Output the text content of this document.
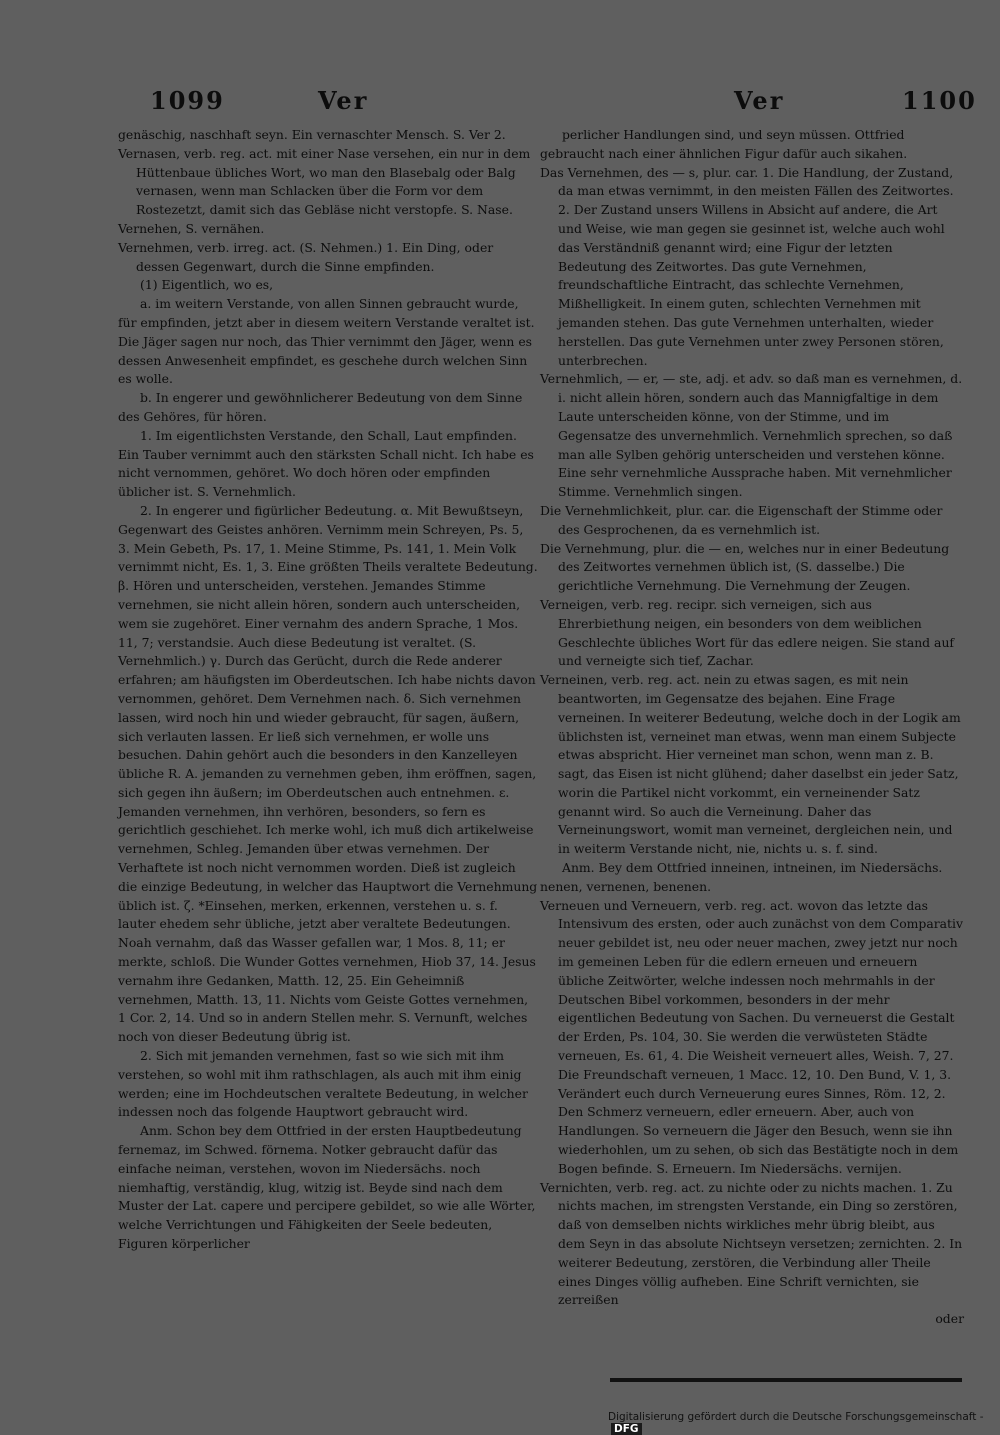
1099	Ver	Ver	1100

genäschig, naschhaft seyn. Ein vernaschter Mensch. S. Ver 2.

Vernasen, verb. reg. act. mit einer Nase versehen, ein nur in dem Hüttenbaue übliches Wort, wo man den Blasebalg oder Balg vernasen, wenn man Schlacken über die Form vor dem Rostezetzt, damit sich das Gebläse nicht verstopfe. S. Nase.

Vernehen, S. vernähen.

Vernehmen, verb. irreg. act. (S. Nehmen.) 1. Ein Ding, oder dessen Gegenwart, durch die Sinne empfinden.

(1) Eigentlich, wo es,

a. im weitern Verstande, von allen Sinnen gebraucht wurde, für empfinden, jetzt aber in diesem weitern Verstande veraltet ist. Die Jäger sagen nur noch, das Thier vernimmt den Jäger, wenn es dessen Anwesenheit empfindet, es geschehe durch welchen Sinn es wolle.

b. In engerer und gewöhnlicherer Bedeutung von dem Sinne des Gehöres, für hören.

1. Im eigentlichsten Verstande, den Schall, Laut empfinden. Ein Tauber vernimmt auch den stärksten Schall nicht. Ich habe es nicht vernommen, gehöret. Wo doch hören oder empfinden üblicher ist. S. Vernehmlich.

2. In engerer und figürlicher Bedeutung. α. Mit Bewußtseyn, Gegenwart des Geistes anhören. Vernimm mein Schreyen, Ps. 5, 3. Mein Gebeth, Ps. 17, 1. Meine Stimme, Ps. 141, 1. Mein Volk vernimmt nicht, Es. 1, 3. Eine größten Theils veraltete Bedeutung. β. Hören und unterscheiden, verstehen. Jemandes Stimme vernehmen, sie nicht allein hören, sondern auch unterscheiden, wem sie zugehöret. Einer vernahm des andern Sprache, 1 Mos. 11, 7; verstandsie. Auch diese Bedeutung ist veraltet. (S. Vernehmlich.) γ. Durch das Gerücht, durch die Rede anderer erfahren; am häufigsten im Oberdeutschen. Ich habe nichts davon vernommen, gehöret. Dem Vernehmen nach. δ. Sich vernehmen lassen, wird noch hin und wieder gebraucht, für sagen, äußern, sich verlauten lassen. Er ließ sich vernehmen, er wolle uns besuchen. Dahin gehört auch die besonders in den Kanzelleyen übliche R. A. jemanden zu vernehmen geben, ihm eröffnen, sagen, sich gegen ihn äußern; im Oberdeutschen auch entnehmen. ε. Jemanden vernehmen, ihn verhören, besonders, so fern es gerichtlich geschiehet. Ich merke wohl, ich muß dich artikelweise vernehmen, Schleg. Jemanden über etwas vernehmen. Der Verhaftete ist noch nicht vernommen worden. Dieß ist zugleich die einzige Bedeutung, in welcher das Hauptwort die Vernehmung üblich ist. ζ. *Einsehen, merken, erkennen, verstehen u. s. f. lauter ehedem sehr übliche, jetzt aber veraltete Bedeutungen. Noah vernahm, daß das Wasser gefallen war, 1 Mos. 8, 11; er merkte, schloß. Die Wunder Gottes vernehmen, Hiob 37, 14. Jesus vernahm ihre Gedanken, Matth. 12, 25. Ein Geheimniß vernehmen, Matth. 13, 11. Nichts vom Geiste Gottes vernehmen, 1 Cor. 2, 14. Und so in andern Stellen mehr. S. Vernunft, welches noch von dieser Bedeutung übrig ist.

2. Sich mit jemanden vernehmen, fast so wie sich mit ihm verstehen, so wohl mit ihm rathschlagen, als auch mit ihm einig werden; eine im Hochdeutschen veraltete Bedeutung, in welcher indessen noch das folgende Hauptwort gebraucht wird.

Anm. Schon bey dem Ottfried in der ersten Hauptbedeutung fernemaz, im Schwed. förnema. Notker gebraucht dafür das einfache neiman, verstehen, wovon im Niedersächs. noch niemhaftig, verständig, klug, witzig ist. Beyde sind nach dem Muster der Lat. capere und percipere gebildet, so wie alle Wörter, welche Verrichtungen und Fähigkeiten der Seele bedeuten, Figuren körperlicher

perlicher Handlungen sind, und seyn müssen. Ottfried gebraucht nach einer ähnlichen Figur dafür auch sikahen.

Das Vernehmen, des — s, plur. car. 1. Die Handlung, der Zustand, da man etwas vernimmt, in den meisten Fällen des Zeitwortes. 2. Der Zustand unsers Willens in Absicht auf andere, die Art und Weise, wie man gegen sie gesinnet ist, welche auch wohl das Verständniß genannt wird; eine Figur der letzten Bedeutung des Zeitwortes. Das gute Vernehmen, freundschaftliche Eintracht, das schlechte Vernehmen, Mißhelligkeit. In einem guten, schlechten Vernehmen mit jemanden stehen. Das gute Vernehmen unterhalten, wieder herstellen. Das gute Vernehmen unter zwey Personen stören, unterbrechen.

Vernehmlich, — er, — ste, adj. et adv. so daß man es vernehmen, d. i. nicht allein hören, sondern auch das Mannigfaltige in dem Laute unterscheiden könne, von der Stimme, und im Gegensatze des unvernehmlich. Vernehmlich sprechen, so daß man alle Sylben gehörig unterscheiden und verstehen könne. Eine sehr vernehmliche Aussprache haben. Mit vernehmlicher Stimme. Vernehmlich singen.

Die Vernehmlichkeit, plur. car. die Eigenschaft der Stimme oder des Gesprochenen, da es vernehmlich ist.

Die Vernehmung, plur. die — en, welches nur in einer Bedeutung des Zeitwortes vernehmen üblich ist, (S. dasselbe.) Die gerichtliche Vernehmung. Die Vernehmung der Zeugen.

Verneigen, verb. reg. recipr. sich verneigen, sich aus Ehrerbiethung neigen, ein besonders von dem weiblichen Geschlechte übliches Wort für das edlere neigen. Sie stand auf und verneigte sich tief, Zachar.

Verneinen, verb. reg. act. nein zu etwas sagen, es mit nein beantworten, im Gegensatze des bejahen. Eine Frage verneinen. In weiterer Bedeutung, welche doch in der Logik am üblichsten ist, verneinet man etwas, wenn man einem Subjecte etwas abspricht. Hier verneinet man schon, wenn man z. B. sagt, das Eisen ist nicht glühend; daher daselbst ein jeder Satz, worin die Partikel nicht vorkommt, ein verneinender Satz genannt wird. So auch die Verneinung. Daher das Verneinungswort, womit man verneinet, dergleichen nein, und in weiterm Verstande nicht, nie, nichts u. s. f. sind.

Anm. Bey dem Ottfried inneinen, intneinen, im Niedersächs. nenen, vernenen, benenen.

Verneuen und Verneuern, verb. reg. act. wovon das letzte das Intensivum des ersten, oder auch zunächst von dem Comparativ neuer gebildet ist, neu oder neuer machen, zwey jetzt nur noch im gemeinen Leben für die edlern erneuen und erneuern übliche Zeitwörter, welche indessen noch mehrmahls in der Deutschen Bibel vorkommen, besonders in der mehr eigentlichen Bedeutung von Sachen. Du verneuerst die Gestalt der Erden, Ps. 104, 30. Sie werden die verwüsteten Städte verneuen, Es. 61, 4. Die Weisheit verneuert alles, Weish. 7, 27. Die Freundschaft verneuen, 1 Macc. 12, 10. Den Bund, V. 1, 3. Verändert euch durch Verneuerung eures Sinnes, Röm. 12, 2. Den Schmerz verneuern, edler erneuern. Aber, auch von Handlungen. So verneuern die Jäger den Besuch, wenn sie ihn wiederhohlen, um zu sehen, ob sich das Bestätigte noch in dem Bogen befinde. S. Erneuern. Im Niedersächs. vernijen.

Vernichten, verb. reg. act. zu nichte oder zu nichts machen. 1. Zu nichts machen, im strengsten Verstande, ein Ding so zerstören, daß von demselben nichts wirkliches mehr übrig bleibt, aus dem Seyn in das absolute Nichtseyn versetzen; zernichten. 2. In weiterer Bedeutung, zerstören, die Verbindung aller Theile eines Dinges völlig aufheben. Eine Schrift vernichten, sie zerreißen

oder

Digitalisierung gefördert durch die Deutsche Forschungsgemeinschaft -DFG
